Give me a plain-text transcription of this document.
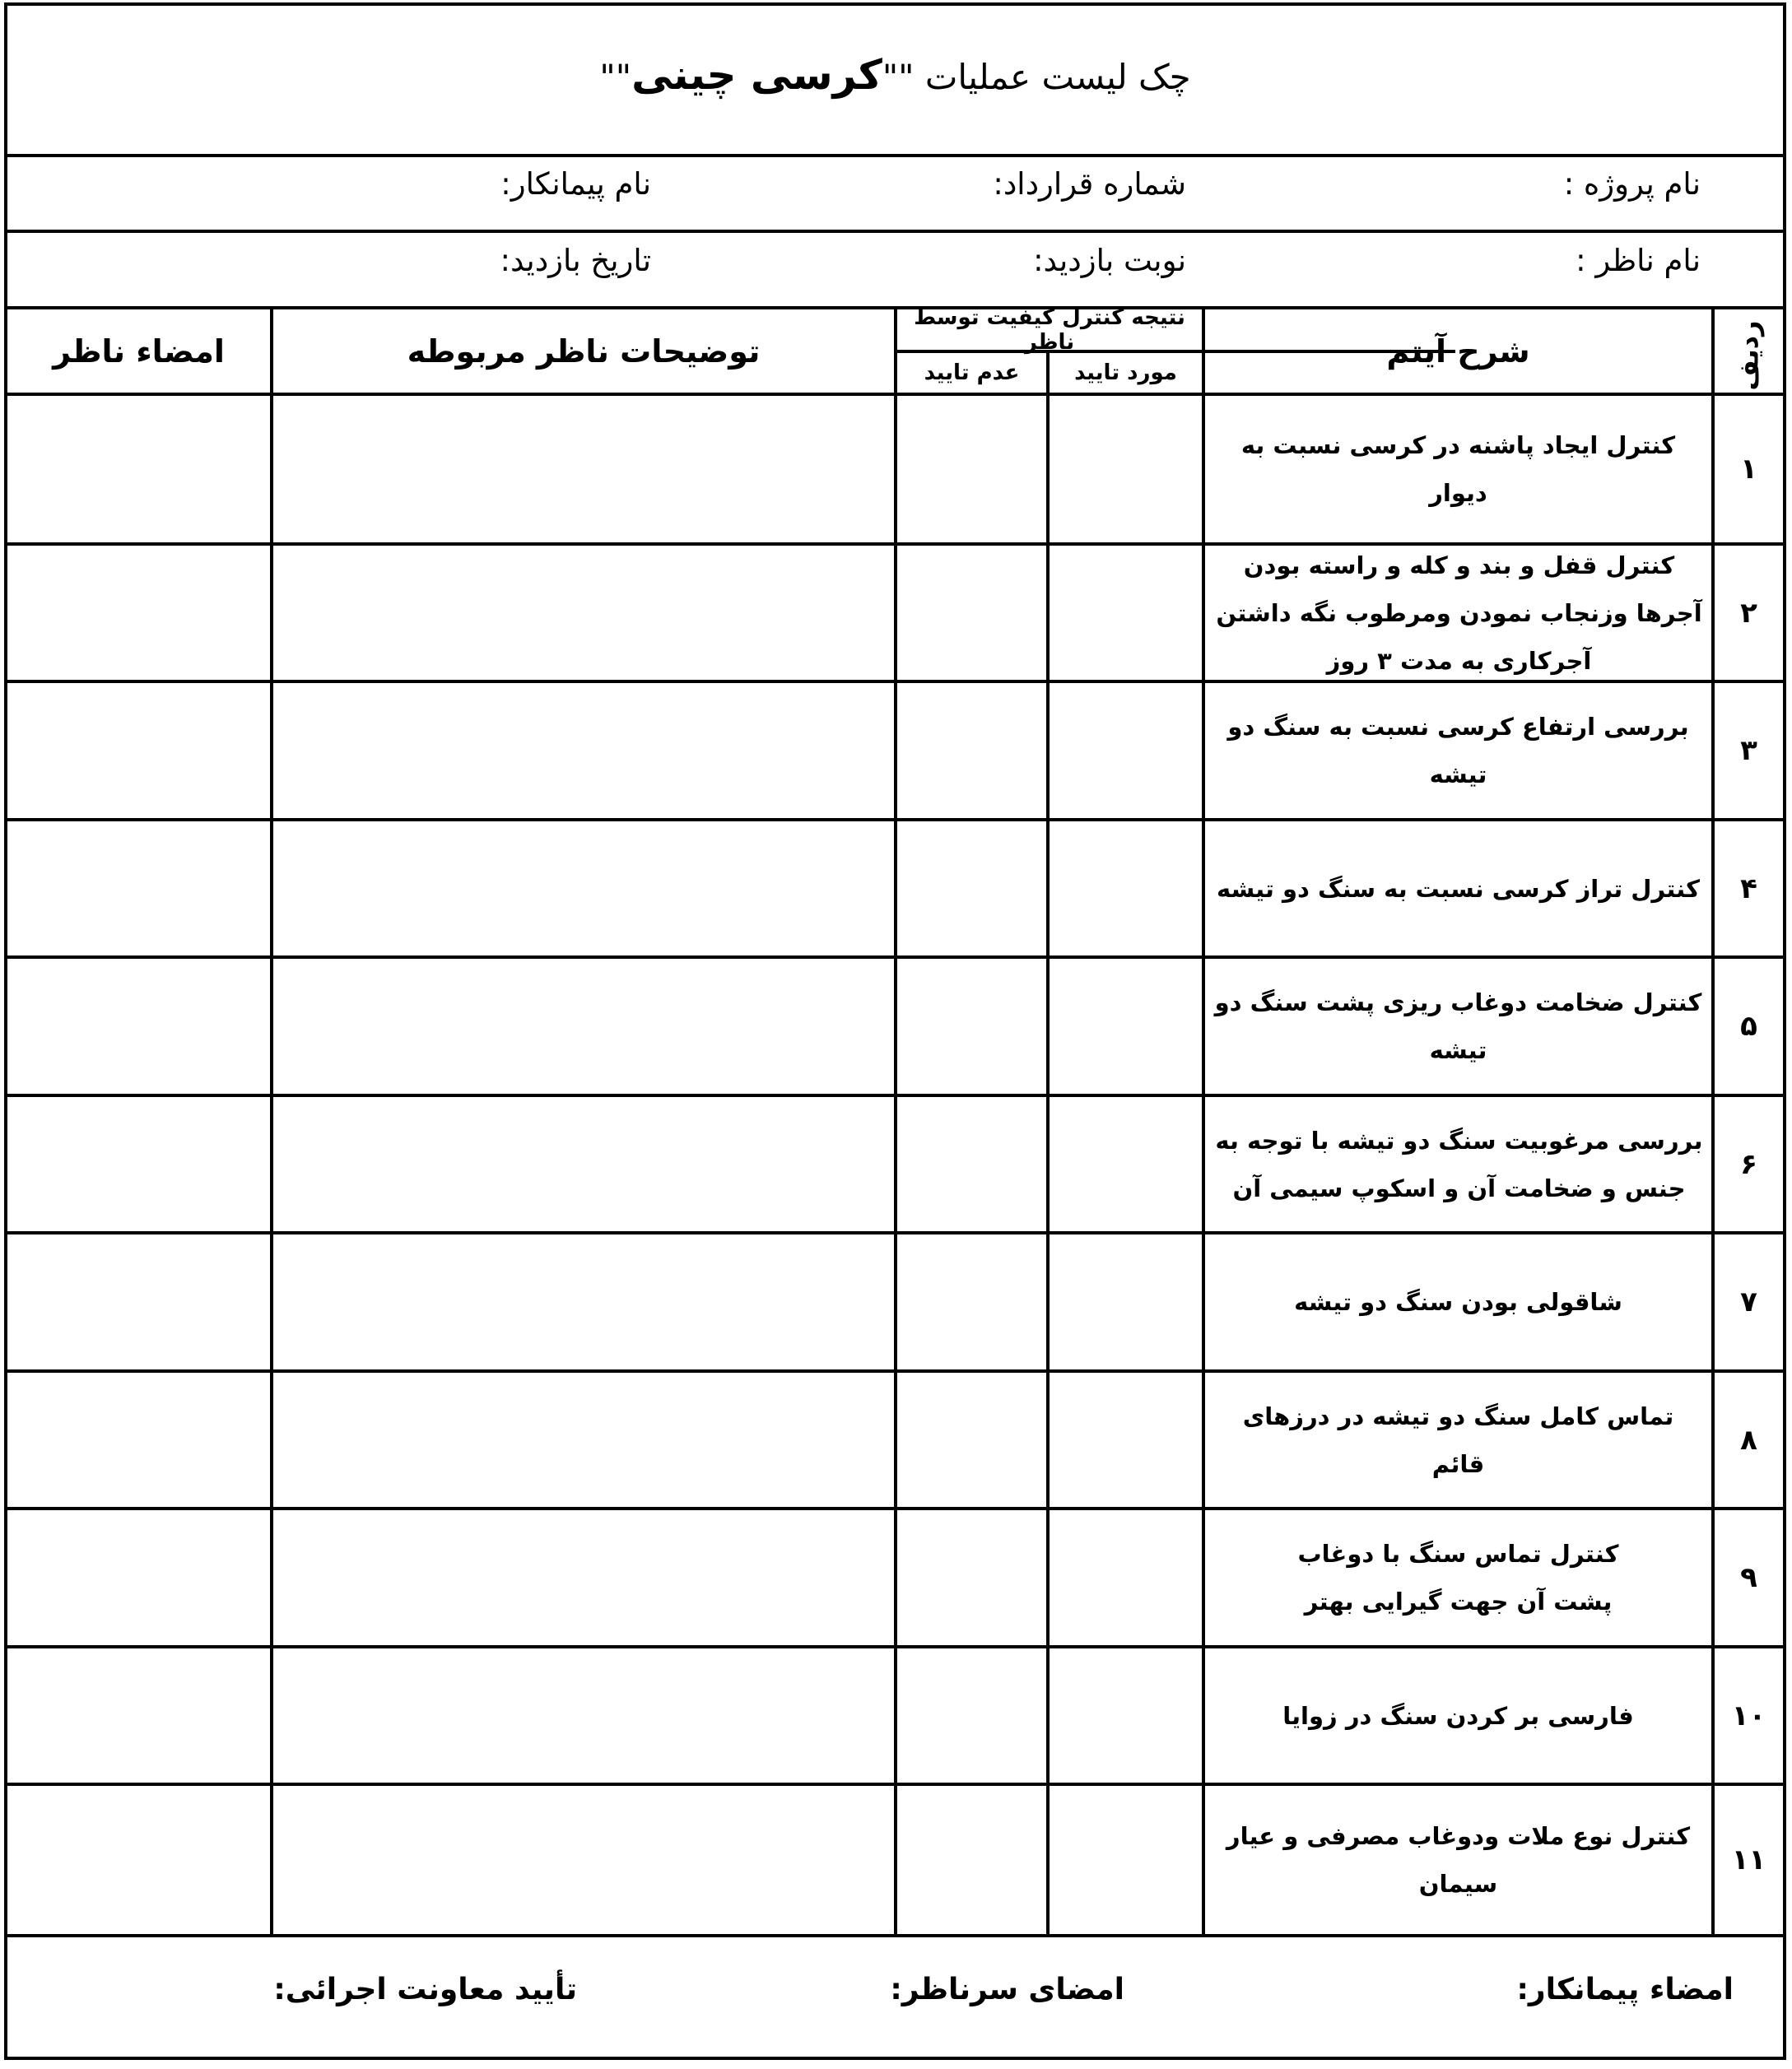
چک لیست عملیات ""کرسی چینی""
نام پروژه :
شماره قرارداد:
نام پیمانکار:
نام ناظر :
نوبت بازدید:
تاریخ بازدید:
ردیف
شرح آیتم
نتیجه کنترل کیفیت توسط ناظر
مورد تایید
عدم تایید
توضیحات ناظر مربوطه
امضاء ناظر
۱
کنترل ایجاد پاشنه در کرسی نسبت به دیوار
۲
کنترل قفل و بند و کله و راسته بودن آجرها وزنجاب نمودن ومرطوب نگه داشتن آجرکاری به مدت ۳ روز
۳
بررسی ارتفاع کرسی نسبت به سنگ دو تیشه
۴
کنترل تراز کرسی نسبت به سنگ دو تیشه
۵
کنترل ضخامت دوغاب ریزی پشت سنگ دو تیشه
۶
بررسی مرغوبیت سنگ دو تیشه با توجه به جنس و ضخامت آن و اسکوپ سیمی آن
۷
شاقولی بودن سنگ دو تیشه
۸
تماس کامل سنگ دو تیشه در درزهای قائم
۹
کنترل تماس سنگ با دوغاب پشت آن جهت گیرایی بهتر
۱۰
فارسی بر کردن سنگ در زوایا
۱۱
کنترل نوع ملات ودوغاب مصرفی و عیار سیمان
امضاء پیمانکار:
امضای سرناظر:
تأیید معاونت اجرائی:
